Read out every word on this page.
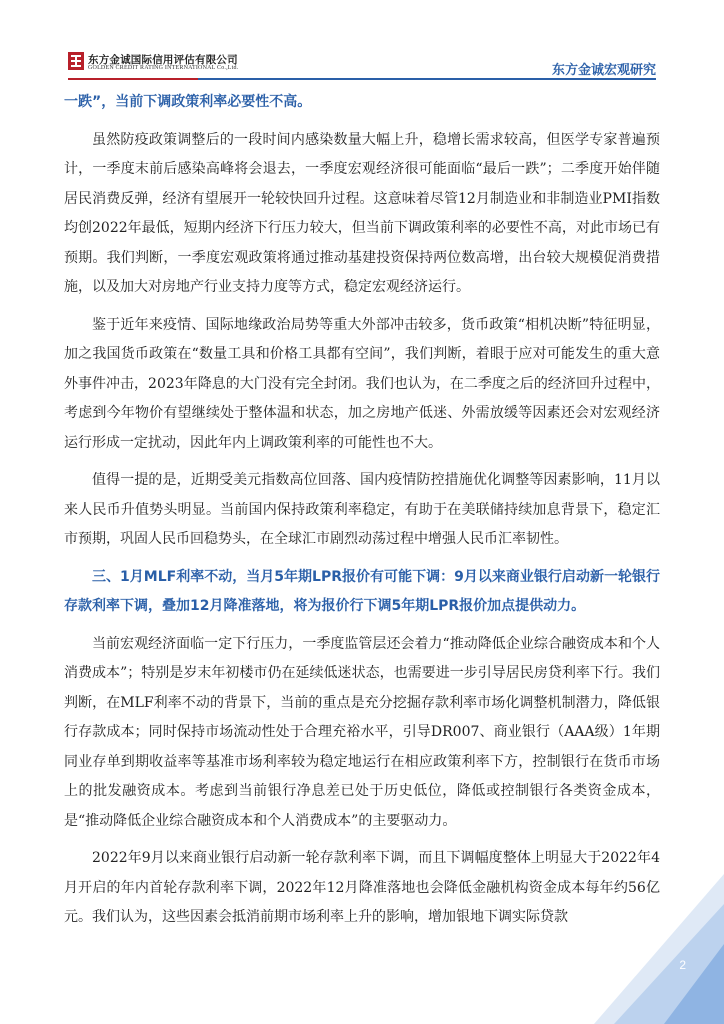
东方金诚国际信用评估有限公司
GOLDEN CREDIT RATING INTERNATIONAL Co.,Ltd.	东方金诚宏观研究

一跌”，当前下调政策利率必要性不高。

虽然防疫政策调整后的一段时间内感染数量大幅上升，稳增长需求较高，但医学专家普遍预计，一季度末前后感染高峰将会退去，一季度宏观经济很可能面临“最后一跌”；二季度开始伴随居民消费反弹，经济有望展开一轮较快回升过程。这意味着尽管12月制造业和非制造业PMI指数均创2022年最低，短期内经济下行压力较大，但当前下调政策利率的必要性不高，对此市场已有预期。我们判断，一季度宏观政策将通过推动基建投资保持两位数高增，出台较大规模促消费措施，以及加大对房地产行业支持力度等方式，稳定宏观经济运行。

鉴于近年来疫情、国际地缘政治局势等重大外部冲击较多，货币政策“相机决断”特征明显，加之我国货币政策在“数量工具和价格工具都有空间”，我们判断，着眼于应对可能发生的重大意外事件冲击，2023年降息的大门没有完全封闭。我们也认为，在二季度之后的经济回升过程中，考虑到今年物价有望继续处于整体温和状态，加之房地产低迷、外需放缓等因素还会对宏观经济运行形成一定扰动，因此年内上调政策利率的可能性也不大。

值得一提的是，近期受美元指数高位回落、国内疫情防控措施优化调整等因素影响，11月以来人民币升值势头明显。当前国内保持政策利率稳定，有助于在美联储持续加息背景下，稳定汇市预期，巩固人民币回稳势头，在全球汇市剧烈动荡过程中增强人民币汇率韧性。

三、1月MLF利率不动，当月5年期LPR报价有可能下调：9月以来商业银行启动新一轮银行存款利率下调，叠加12月降准落地，将为报价行下调5年期LPR报价加点提供动力。

当前宏观经济面临一定下行压力，一季度监管层还会着力“推动降低企业综合融资成本和个人消费成本”；特别是岁末年初楼市仍在延续低迷状态，也需要进一步引导居民房贷利率下行。我们判断，在MLF利率不动的背景下，当前的重点是充分挖掘存款利率市场化调整机制潜力，降低银行存款成本；同时保持市场流动性处于合理充裕水平，引导DR007、商业银行（AAA级）1年期同业存单到期收益率等基准市场利率较为稳定地运行在相应政策利率下方，控制银行在货币市场上的批发融资成本。考虑到当前银行净息差已处于历史低位，降低或控制银行各类资金成本，是“推动降低企业综合融资成本和个人消费成本”的主要驱动力。

2022年9月以来商业银行启动新一轮存款利率下调，而且下调幅度整体上明显大于2022年4月开启的年内首轮存款利率下调，2022年12月降准落地也会降低金融机构资金成本每年约56亿元。我们认为，这些因素会抵消前期市场利率上升的影响，增加银地下调实际贷款

2
